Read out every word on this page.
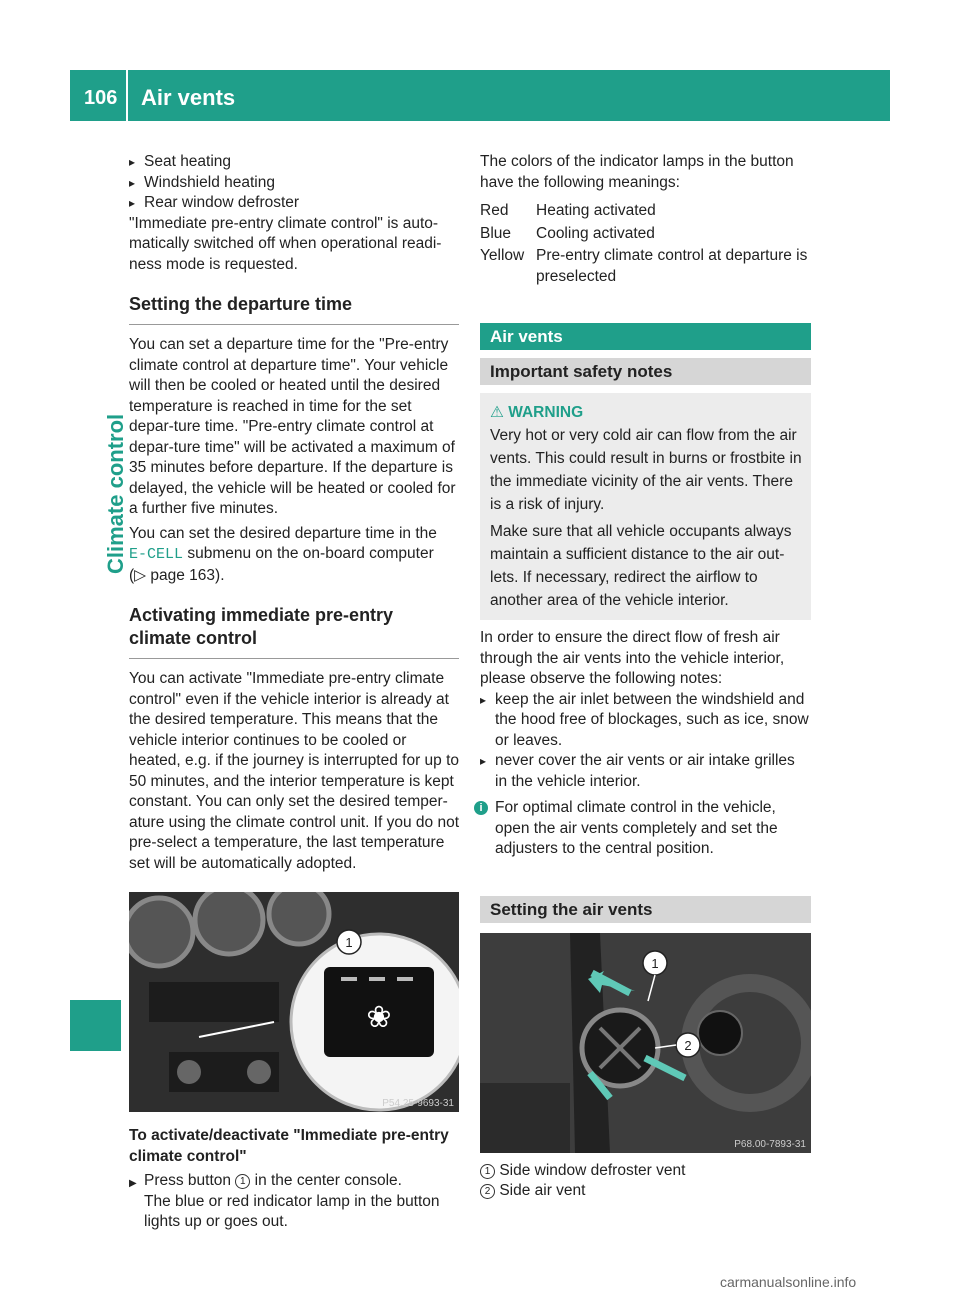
106 Air vents
Climate control

▸ Seat heating

▸ Windshield heating

▸ Rear window defroster

"Immediate pre-entry climate control" is auto-matically switched off when operational readi-ness mode is requested.

Setting the departure time

You can set a departure time for the "Pre-entry climate control at departure time". Your vehicle will then be cooled or heated until the desired temperature is reached in time for the set depar-ture time. "Pre-entry climate control at depar-ture time" will be activated a maximum of 35 minutes before departure. If the departure is delayed, the vehicle will be heated or cooled for a further five minutes.

You can set the desired departure time in the E-CELL submenu on the on-board computer

(▷ page 163).

Activating immediate pre-entry climate control

You can activate "Immediate pre-entry climate control" even if the vehicle interior is already at the desired temperature. This means that the vehicle interior continues to be cooled or heated, e.g. if the journey is interrupted for up to 50 minutes, and the interior temperature is kept constant. You can only set the desired temper-ature using the climate control unit. If you do not pre-select a temperature, the last temperature set will be automatically adopted.

❀
1
P54.25-9693-31

To activate/deactivate "Immediate pre-entry climate control"

▶ Press button 1 in the center console.

The blue or red indicator lamp in the button lights up or goes out.

The colors of the indicator lamps in the button have the following meanings:

Red	Heating activated
Blue	Cooling activated
Yellow Pre-entry climate control at departure is preselected
Air vents
Important safety notes

⚠ WARNING

Very hot or very cold air can flow from the air vents. This could result in burns or frostbite in the immediate vicinity of the air vents. There is a risk of injury.

Make sure that all vehicle occupants always maintain a sufficient distance to the air out-lets. If necessary, redirect the airflow to another area of the vehicle interior.

In order to ensure the direct flow of fresh air through the air vents into the vehicle interior, please observe the following notes:

▸ keep the air inlet between the windshield and the hood free of blockages, such as ice, snow or leaves.

▸ never cover the air vents or air intake grilles in the vehicle interior.

i For optimal climate control in the vehicle, open the air vents completely and set the adjusters to the central position.

Setting the air vents
1
2
P68.00-7893-31

1 Side window defroster vent

2 Side air vent

carmanualsonline.info
